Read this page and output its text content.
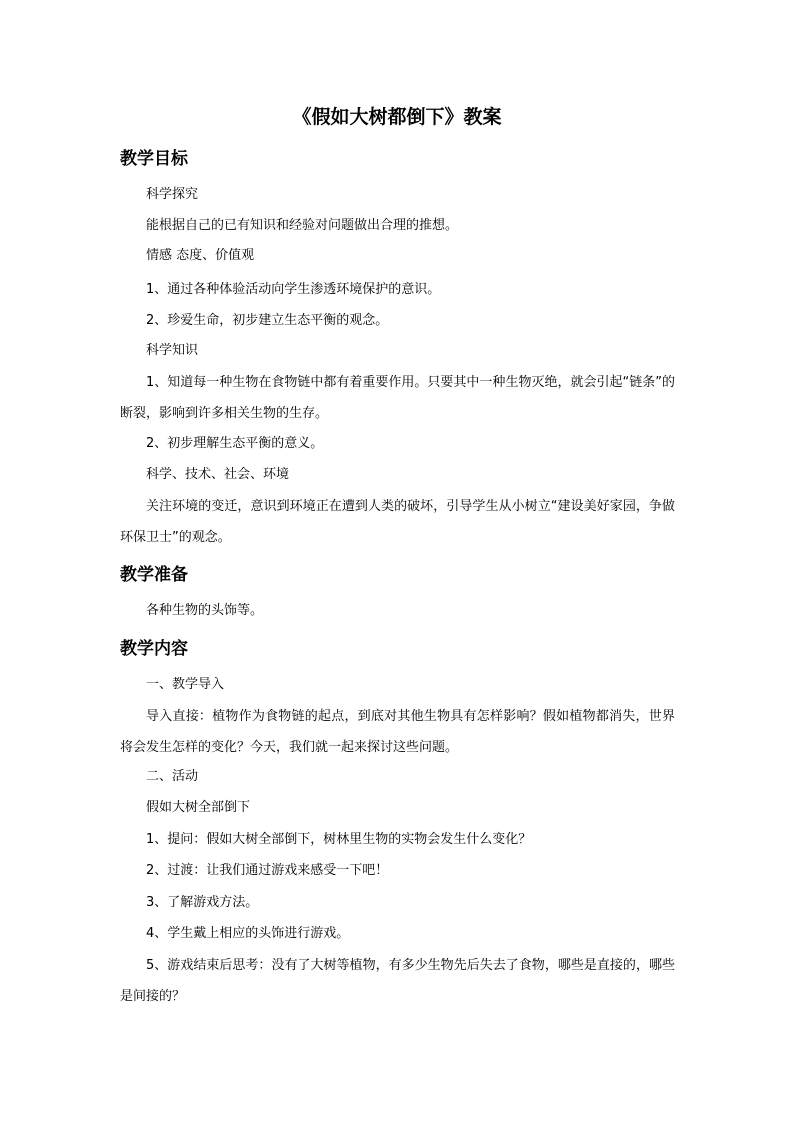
《假如大树都倒下》教案
教学目标
科学探究
能根据自己的已有知识和经验对问题做出合理的推想。
情感 态度、价值观
1、通过各种体验活动向学生渗透环境保护的意识。
2、珍爱生命，初步建立生态平衡的观念。
科学知识
1、知道每一种生物在食物链中都有着重要作用。只要其中一种生物灭绝，就会引起“链条”的断裂，影响到许多相关生物的生存。
2、初步理解生态平衡的意义。
科学、技术、社会、环境
关注环境的变迁，意识到环境正在遭到人类的破坏，引导学生从小树立“建设美好家园，争做环保卫士”的观念。
教学准备
各种生物的头饰等。
教学内容
一、教学导入
导入直接：植物作为食物链的起点，到底对其他生物具有怎样影响？假如植物都消失，世界将会发生怎样的变化？今天，我们就一起来探讨这些问题。
二、活动
假如大树全部倒下
1、提问：假如大树全部倒下，树林里生物的实物会发生什么变化？
2、过渡：让我们通过游戏来感受一下吧！
3、了解游戏方法。
4、学生戴上相应的头饰进行游戏。
5、游戏结束后思考：没有了大树等植物，有多少生物先后失去了食物，哪些是直接的，哪些是间接的？
